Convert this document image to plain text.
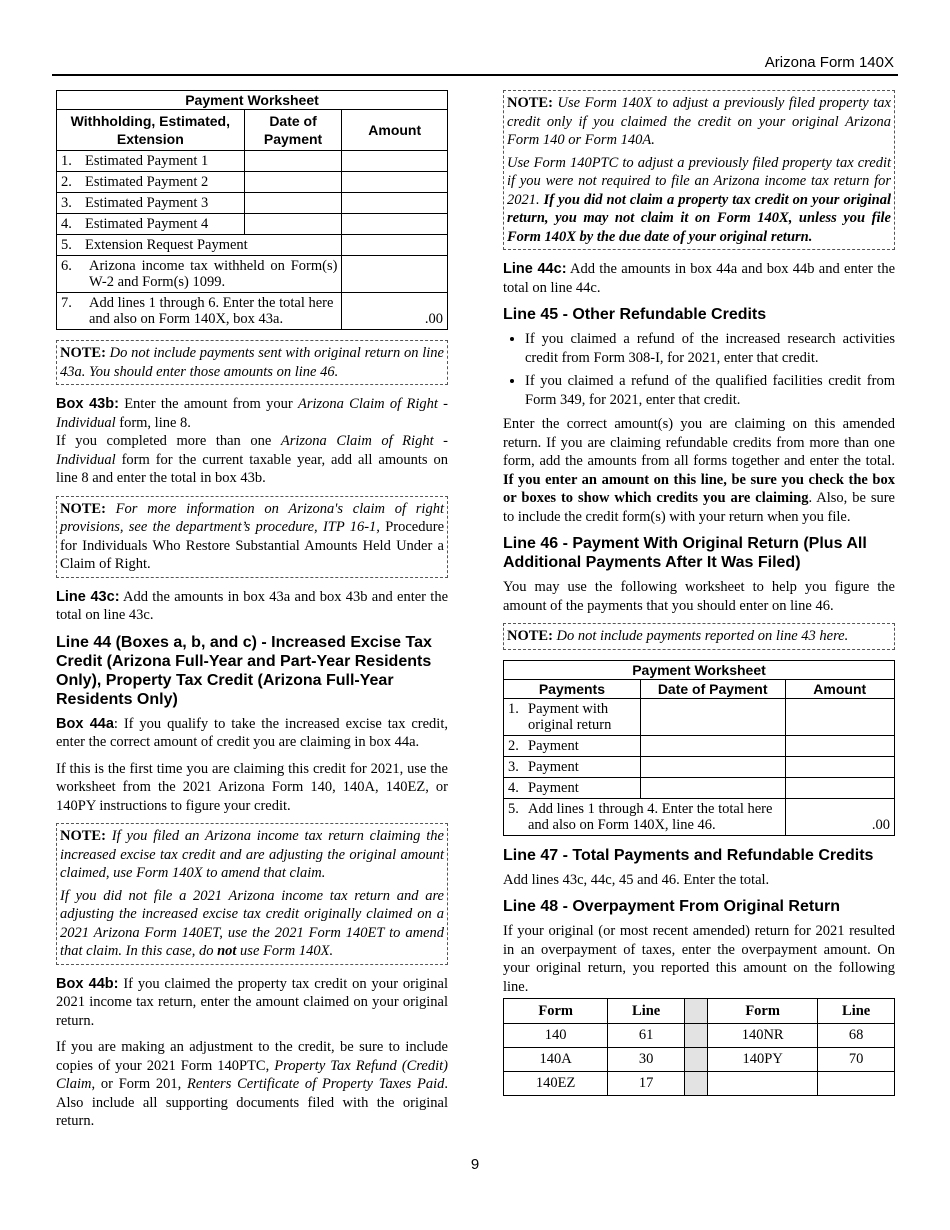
Arizona Form 140X
Payment Worksheet		
Withholding, Estimated, Extension	Date of Payment	Amount
1. Estimated Payment 1		
2. Estimated Payment 2		
3. Estimated Payment 3		
4. Estimated Payment 4		
5. Extension Request Payment		

6. Arizona income tax withheld on Form(s) W-2 and Form(s) 1099.		

7. Add lines 1 through 6. Enter the total here and also on Form 140X, box 43a.		.00
NOTE: Do not include payments sent with original return on line 43a. You should enter those amounts on line 46.

Box 43b: Enter the amount from your Arizona Claim of Right - Individual form, line 8.
If you completed more than one Arizona Claim of Right - Individual form for the current taxable year, add all amounts on line 8 and enter the total in box 43b.

NOTE: For more information on Arizona's claim of right provisions, see the department’s procedure, ITP 16-1, Procedure for Individuals Who Restore Substantial Amounts Held Under a Claim of Right.

Line 43c: Add the amounts in box 43a and box 43b and enter the total on line 43c.

Line 44 (Boxes a, b, and c) - Increased Excise Tax Credit (Arizona Full-Year and Part-Year Residents Only), Property Tax Credit (Arizona Full-Year Residents Only)

Box 44a: If you qualify to take the increased excise tax credit, enter the correct amount of credit you are claiming in box 44a.

If this is the first time you are claiming this credit for 2021, use the worksheet from the 2021 Arizona Form 140, 140A, 140EZ, or 140PY instructions to figure your credit.

NOTE: If you filed an Arizona income tax return claiming the increased excise tax credit and are adjusting the original amount claimed, use Form 140X to amend that claim.

If you did not file a 2021 Arizona income tax return and are adjusting the increased excise tax credit originally claimed on a 2021 Arizona Form 140ET, use the 2021 Form 140ET to amend that claim. In this case, do not use Form 140X.

Box 44b: If you claimed the property tax credit on your original 2021 income tax return, enter the amount claimed on your original return.

If you are making an adjustment to the credit, be sure to include copies of your 2021 Form 140PTC, Property Tax Refund (Credit) Claim, or Form 201, Renters Certificate of Property Taxes Paid. Also include all supporting documents filed with the original return.

NOTE: Use Form 140X to adjust a previously filed property tax credit only if you claimed the credit on your original Arizona Form 140 or Form 140A.

Use Form 140PTC to adjust a previously filed property tax credit if you were not required to file an Arizona income tax return for 2021. If you did not claim a property tax credit on your original return, you may not claim it on Form 140X, unless you file Form 140X by the due date of your original return.

Line 44c: Add the amounts in box 44a and box 44b and enter the total on line 44c.

Line 45 - Other Refundable Credits
• If you claimed a refund of the increased research activities credit from Form 308-I, for 2021, enter that credit.
• If you claimed a refund of the qualified facilities credit from Form 349, for 2021, enter that credit.

Enter the correct amount(s) you are claiming on this amended return. If you are claiming refundable credits from more than one form, add the amounts from all forms together and enter the total. If you enter an amount on this line, be sure you check the box or boxes to show which credits you are claiming. Also, be sure to include the credit form(s) with your return when you file.

Line 46 - Payment With Original Return (Plus All Additional Payments After It Was Filed)

You may use the following worksheet to help you figure the amount of the payments that you should enter on line 46.

NOTE: Do not include payments reported on line 43 here.
Payment Worksheet		
Payments	Date of Payment	Amount

1. Payment with original return		

2. Payment		
3. Payment		
4. Payment		

5. Add lines 1 through 4. Enter the total here and also on Form 140X, line 46.		.00
Line 47 - Total Payments and Refundable Credits

Add lines 43c, 44c, 45 and 46. Enter the total.

Line 48 - Overpayment From Original Return

If your original (or most recent amended) return for 2021 resulted in an overpayment of taxes, enter the overpayment amount. On your original return, you reported this amount on the following line.

Form	Line		Form	Line
140	61		140NR	68
140A	30		140PY	70
140EZ	17			
9
